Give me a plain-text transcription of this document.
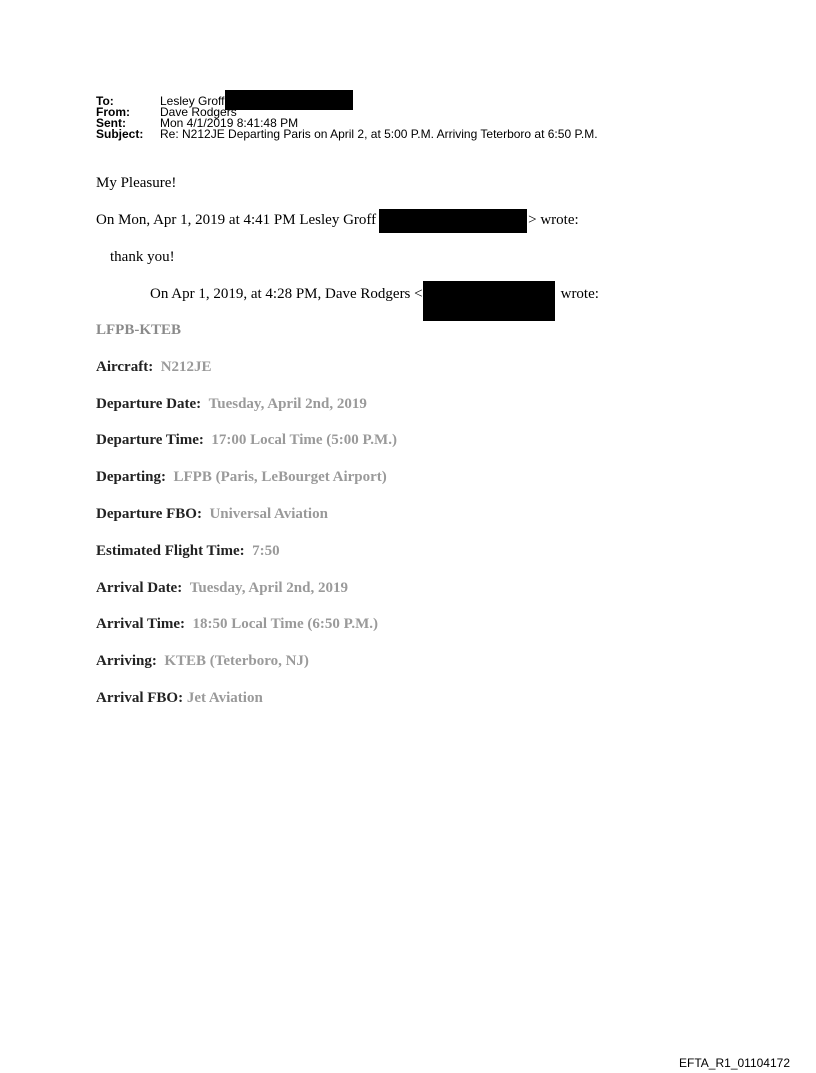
To:	Lesley Groff
From:	Dave Rodgers
Sent:	Mon 4/1/2019 8:41:48 PM
Subject:	Re: N212JE Departing Paris on April 2, at 5:00 P.M. Arriving Teterboro at 6:50 P.M.
My Pleasure!
On Mon, Apr 1, 2019 at 4:41 PM Lesley Groff	> wrote:
thank you!
On Apr 1, 2019, at 4:28 PM, Dave Rodgers <	wrote:
LFPB-KTEB
Aircraft: N212JE
Departure Date: Tuesday, April 2nd, 2019
Departure Time: 17:00 Local Time (5:00 P.M.)
Departing: LFPB (Paris, LeBourget Airport)
Departure FBO: Universal Aviation
Estimated Flight Time: 7:50
Arrival Date: Tuesday, April 2nd, 2019
Arrival Time: 18:50 Local Time (6:50 P.M.)
Arriving: KTEB (Teterboro, NJ)
Arrival FBO: Jet Aviation
EFTA_R1_01104172
